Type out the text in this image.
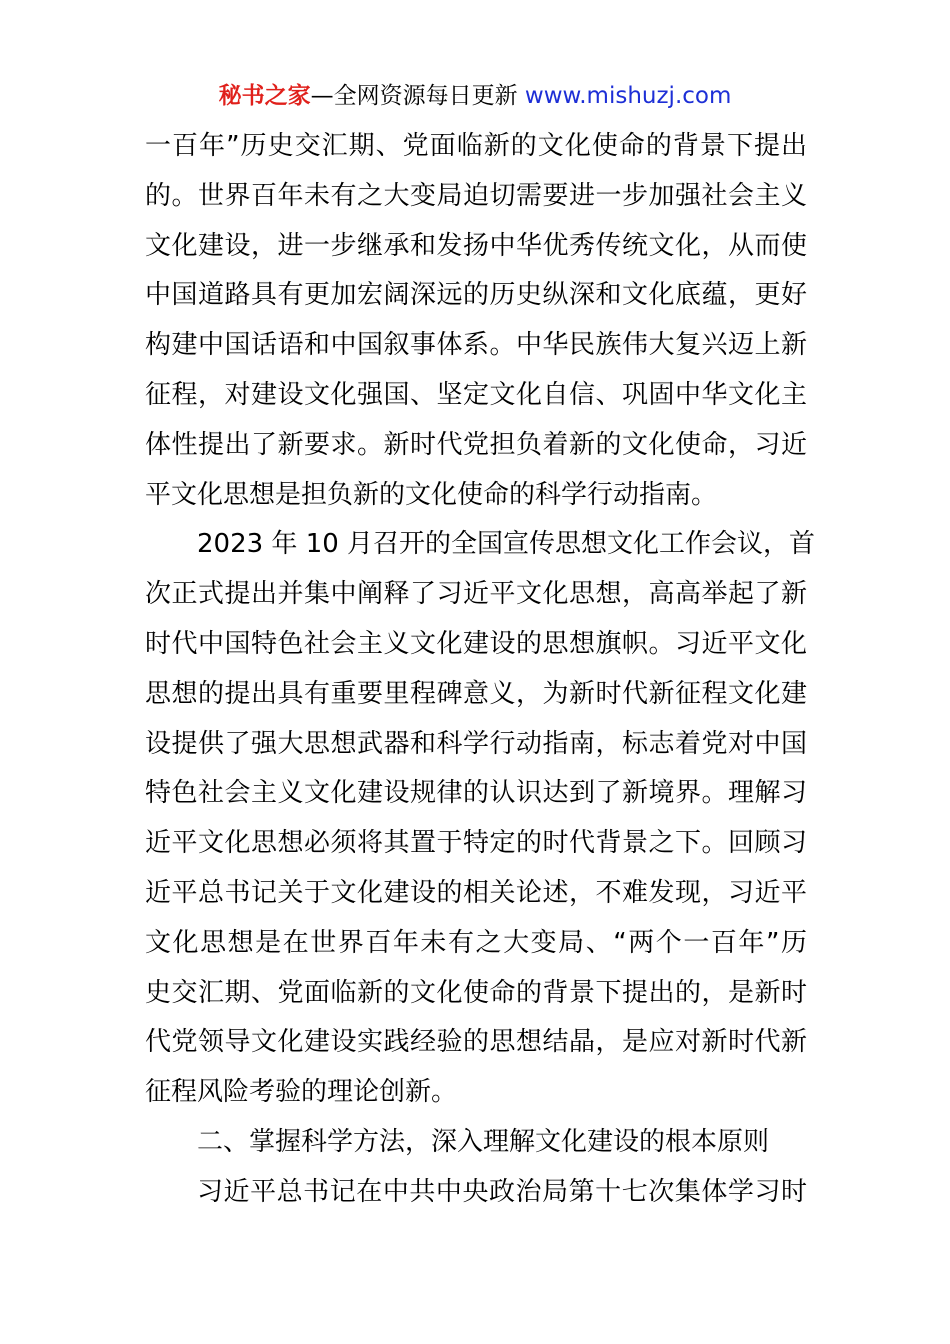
秘书之家—全网资源每日更新 www.mishuzj.com
一百年”历史交汇期、党面临新的文化使命的背景下提出
的。世界百年未有之大变局迫切需要进一步加强社会主义
文化建设，进一步继承和发扬中华优秀传统文化，从而使
中国道路具有更加宏阔深远的历史纵深和文化底蕴，更好
构建中国话语和中国叙事体系。中华民族伟大复兴迈上新
征程，对建设文化强国、坚定文化自信、巩固中华文化主
体性提出了新要求。新时代党担负着新的文化使命，习近
平文化思想是担负新的文化使命的科学行动指南。
2023 年 10 月召开的全国宣传思想文化工作会议，首
次正式提出并集中阐释了习近平文化思想，高高举起了新
时代中国特色社会主义文化建设的思想旗帜。习近平文化
思想的提出具有重要里程碑意义，为新时代新征程文化建
设提供了强大思想武器和科学行动指南，标志着党对中国
特色社会主义文化建设规律的认识达到了新境界。理解习
近平文化思想必须将其置于特定的时代背景之下。回顾习
近平总书记关于文化建设的相关论述，不难发现，习近平
文化思想是在世界百年未有之大变局、“两个一百年”历
史交汇期、党面临新的文化使命的背景下提出的，是新时
代党领导文化建设实践经验的思想结晶，是应对新时代新
征程风险考验的理论创新。
二、掌握科学方法，深入理解文化建设的根本原则
习近平总书记在中共中央政治局第十七次集体学习时
